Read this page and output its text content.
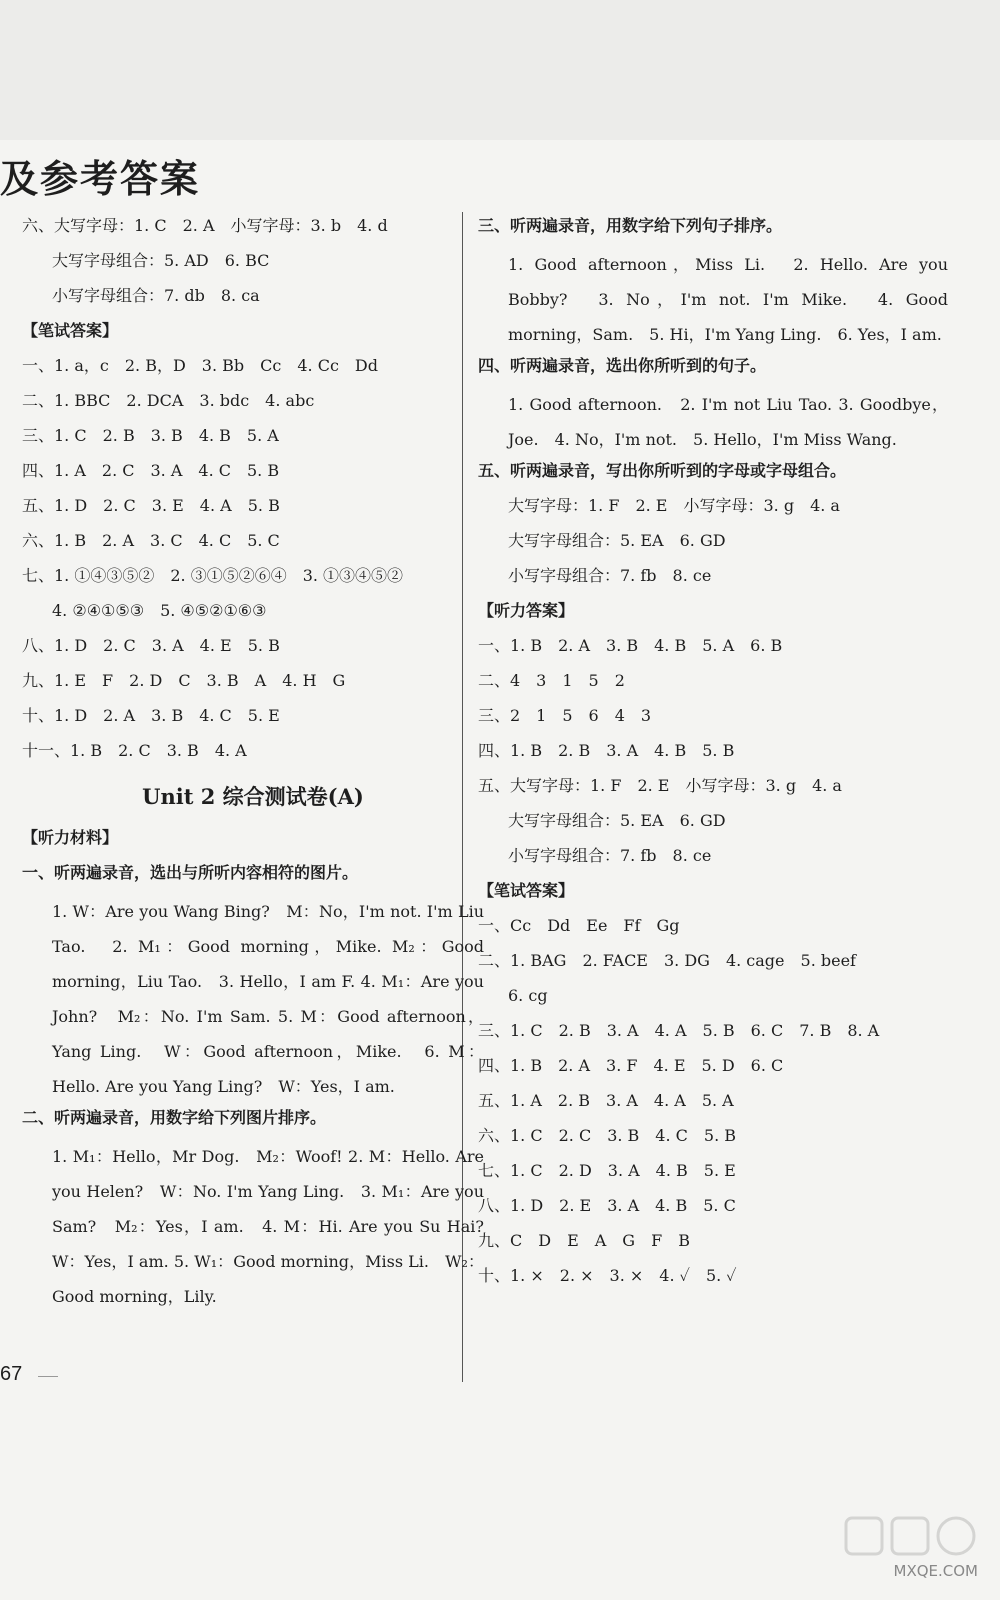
及参考答案
六、大写字母：1. C　2. A　小写字母：3. b　4. d
大写字母组合：5. AD　6. BC
小写字母组合：7. db　8. ca
【笔试答案】
一、1. a，c　2. B，D　3. Bb　Cc　4. Cc　Dd
二、1. BBC　2. DCA　3. bdc　4. abc
三、1. C　2. B　3. B　4. B　5. A
四、1. A　2. C　3. A　4. C　5. B
五、1. D　2. C　3. E　4. A　5. B
六、1. B　2. A　3. C　4. C　5. C
七、1. ①④③⑤②　2. ③①⑤②⑥④　3. ①③④⑤②
4. ②④①⑤③　5. ④⑤②①⑥③
八、1. D　2. C　3. A　4. E　5. B
九、1. E　F　2. D　C　3. B　A　4. H　G
十、1. D　2. A　3. B　4. C　5. E
十一、1. B　2. C　3. B　4. A
Unit 2 综合测试卷(A)
【听力材料】
一、听两遍录音，选出与所听内容相符的图片。
1. W：Are you Wang Bing?　M：No，I'm not. I'm Liu Tao.　2. M₁：Good morning，Mike. M₂：Good morning，Liu Tao.　3. Hello，I am F. 4. M₁：Are you John?　M₂：No. I'm Sam. 5. M：Good afternoon，Yang Ling.　W：Good afternoon，Mike.　6. M：Hello. Are you Yang Ling?　W：Yes，I am.
二、听两遍录音，用数字给下列图片排序。
1. M₁：Hello，Mr Dog.　M₂：Woof! 2. M：Hello. Are you Helen?　W：No. I'm Yang Ling.　3. M₁：Are you Sam?　M₂：Yes，I am.　4. M：Hi. Are you Su Hai?　W：Yes，I am. 5. W₁：Good morning，Miss Li.　W₂：Good morning，Lily.
三、听两遍录音，用数字给下列句子排序。
1. Good afternoon，Miss Li.　2. Hello. Are you Bobby?　3. No，I'm not. I'm Mike.　4. Good morning，Sam.　5. Hi，I'm Yang Ling.　6. Yes，I am.
四、听两遍录音，选出你所听到的句子。
1. Good afternoon.　2. I'm not Liu Tao. 3. Goodbye，Joe.　4. No，I'm not.　5. Hello，I'm Miss Wang.
五、听两遍录音，写出你所听到的字母或字母组合。
大写字母：1. F　2. E　小写字母：3. g　4. a
大写字母组合：5. EA　6. GD
小写字母组合：7. fb　8. ce
【听力答案】
一、1. B　2. A　3. B　4. B　5. A　6. B
二、4　3　1　5　2
三、2　1　5　6　4　3
四、1. B　2. B　3. A　4. B　5. B
五、大写字母：1. F　2. E　小写字母：3. g　4. a
大写字母组合：5. EA　6. GD
小写字母组合：7. fb　8. ce
【笔试答案】
一、Cc　Dd　Ee　Ff　Gg
二、1. BAG　2. FACE　3. DG　4. cage　5. beef
6. cg
三、1. C　2. B　3. A　4. A　5. B　6. C　7. B　8. A
四、1. B　2. A　3. F　4. E　5. D　6. C
五、1. A　2. B　3. A　4. A　5. A
六、1. C　2. C　3. B　4. C　5. B
七、1. C　2. D　3. A　4. B　5. E
八、1. D　2. E　3. A　4. B　5. C
九、C　D　E　A　G　F　B
十、1. ×　2. ×　3. ×　4. ✓　5. ✓
67
MXQE.COM
